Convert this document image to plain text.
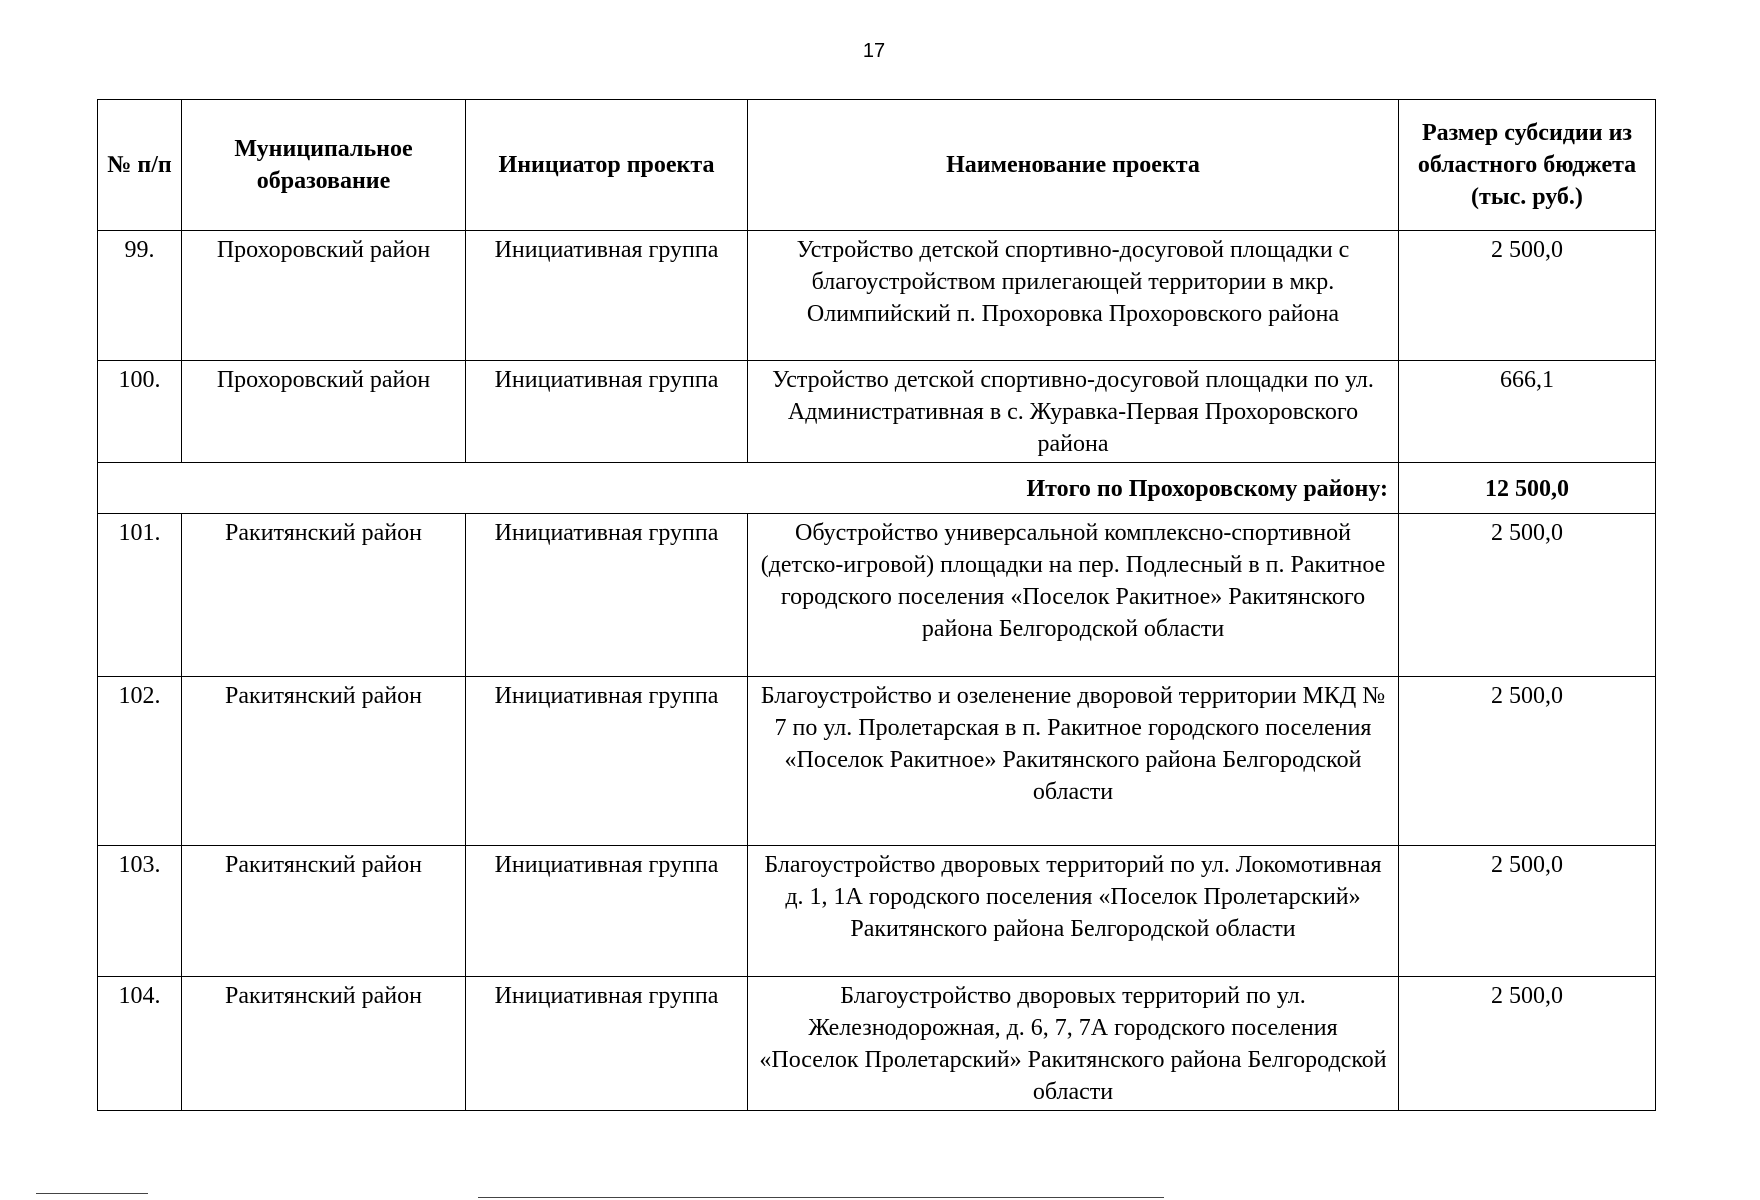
17
№ п/п	Муниципальное образование	Инициатор проекта	Наименование проекта	Размер субсидии из областного бюджета (тыс. руб.)
99.	Прохоровский район	Инициативная группа	Устройство детской спортивно-досуговой площадки с благоустройством прилегающей территории в мкр. Олимпийский п. Прохоровка Прохоровского района	2 500,0
100.	Прохоровский район	Инициативная группа	Устройство детской спортивно-досуговой площадки по ул. Административная в с. Журавка-Первая Прохоровского района	666,1
Итого по Прохоровскому району:				12 500,0
101.	Ракитянский район	Инициативная группа	Обустройство универсальной комплексно-спортивной (детско-игровой) площадки на пер. Подлесный в п. Ракитное городского поселения «Поселок Ракитное» Ракитянского района Белгородской области	2 500,0
102.	Ракитянский район	Инициативная группа	Благоустройство и озеленение дворовой территории МКД № 7 по ул. Пролетарская в п. Ракитное городского поселения «Поселок Ракитное» Ракитянского района Белгородской области	2 500,0
103.	Ракитянский район	Инициативная группа	Благоустройство дворовых территорий по ул. Локомотивная д. 1, 1А городского поселения «Поселок Пролетарский» Ракитянского района Белгородской области	2 500,0
104.	Ракитянский район	Инициативная группа	Благоустройство дворовых территорий по ул. Железнодорожная, д. 6, 7, 7А городского поселения «Поселок Пролетарский» Ракитянского района Белгородской области	2 500,0
